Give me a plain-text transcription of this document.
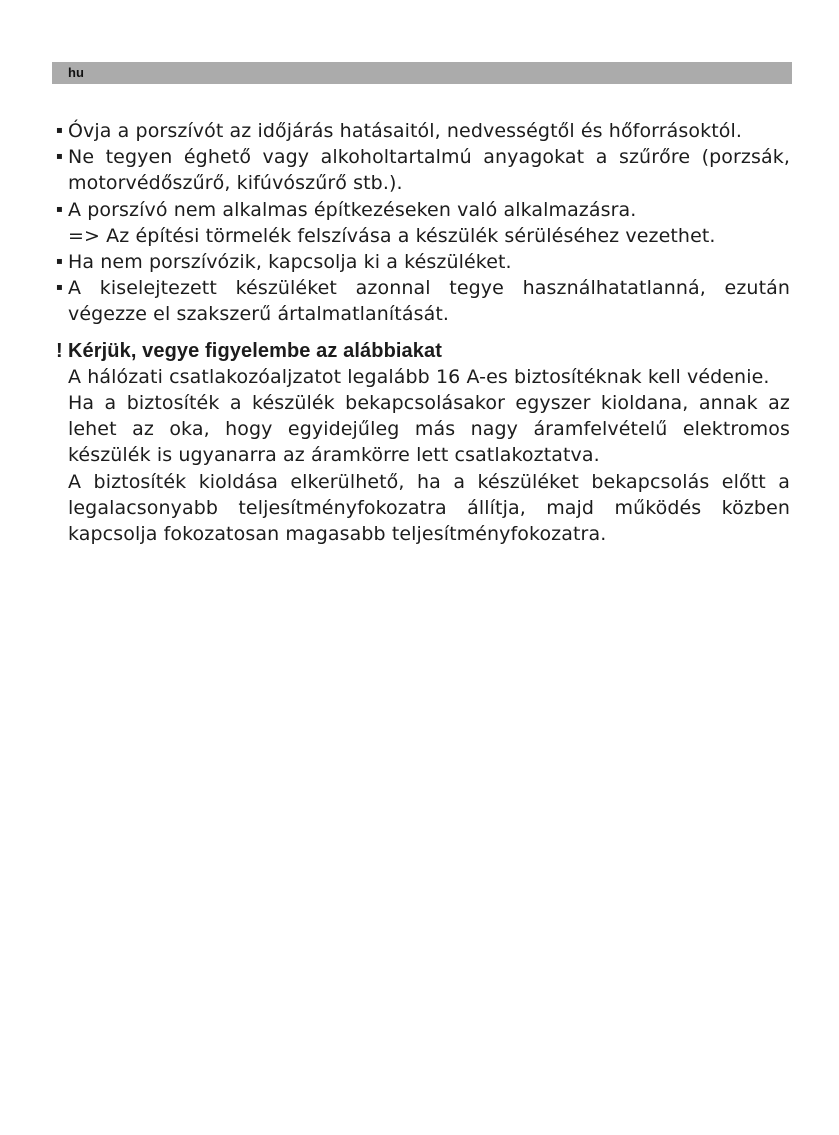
hu
▪ Óvja a porszívót az időjárás hatásaitól, nedvességtől és hőforrásoktól.
▪ Ne tegyen éghető vagy alkoholtartalmú anyagokat a szűrőre (porzsák, motorvédőszűrő, kifúvószűrő stb.).
▪ A porszívó nem alkalmas építkezéseken való alkalmazásra.
=> Az építési törmelék felszívása a készülék sérüléséhez vezethet.
▪ Ha nem porszívózik, kapcsolja ki a készüléket.
▪ A kiselejtezett készüléket azonnal tegye használhatatlanná, ezután végezze el szakszerű ártalmatlanítását.
! Kérjük, vegye figyelembe az alábbiakat
A hálózati csatlakozóaljzatot legalább 16 A-es biztosítéknak kell védenie.
Ha a biztosíték a készülék bekapcsolásakor egyszer kioldana, annak az lehet az oka, hogy egyidejűleg más nagy áramfelvételű elektromos készülék is ugyanarra az áramkörre lett csatlakoztatva.
A biztosíték kioldása elkerülhető, ha a készüléket bekapcsolás előtt a legalacsonyabb teljesítményfokozatra állítja, majd működés közben kapcsolja fokozatosan magasabb teljesítményfokozatra.
